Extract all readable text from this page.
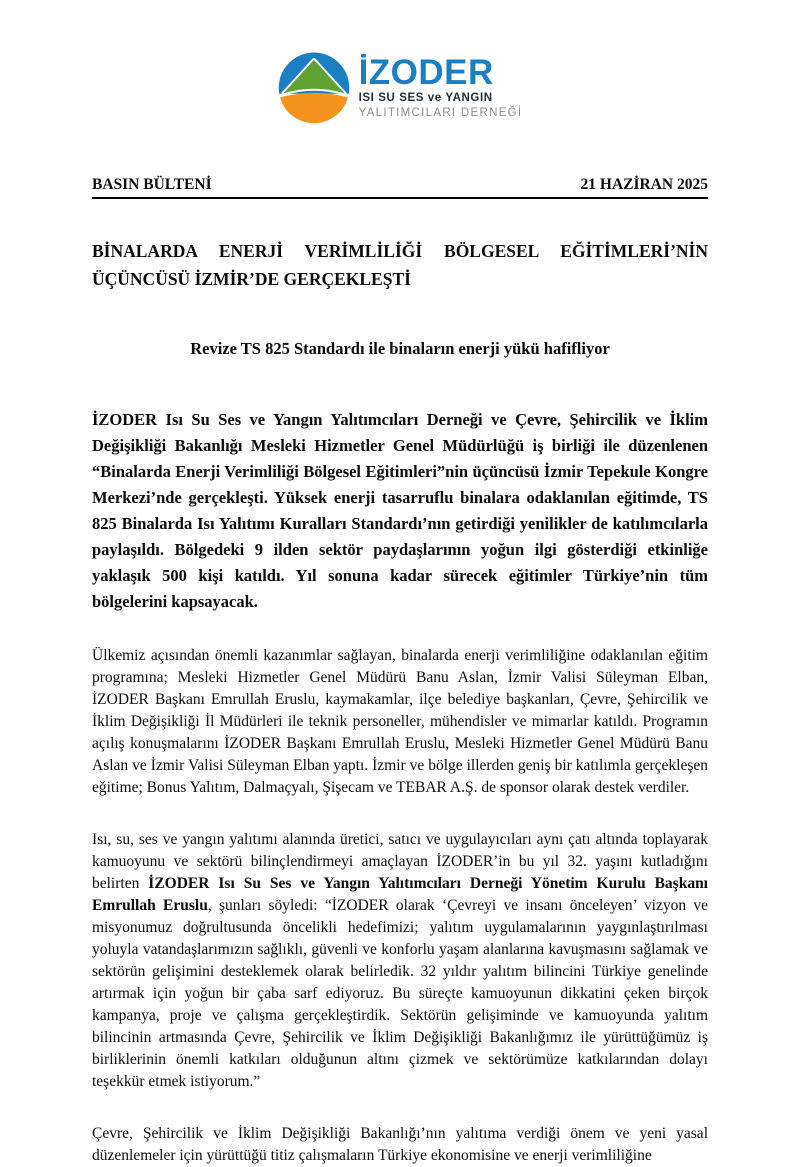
İZODER
ISI SU SES ve YANGIN
YALITIMCILARI DERNEĞİ
BASIN BÜLTENİ	21 HAZİRAN 2025
BİNALARDA ENERJİ VERİMLİLİĞİ BÖLGESEL EĞİTİMLERİ’NİN ÜÇÜNCÜSÜ İZMİR’DE GERÇEKLEŞTİ
Revize TS 825 Standardı ile binaların enerji yükü hafifliyor

İZODER Isı Su Ses ve Yangın Yalıtımcıları Derneği ve Çevre, Şehircilik ve İklim Değişikliği Bakanlığı Mesleki Hizmetler Genel Müdürlüğü iş birliği ile düzenlenen “Binalarda Enerji Verimliliği Bölgesel Eğitimleri”nin üçüncüsü İzmir Tepekule Kongre Merkezi’nde gerçekleşti. Yüksek enerji tasarruflu binalara odaklanılan eğitimde, TS 825 Binalarda Isı Yalıtımı Kuralları Standardı’nın getirdiği yenilikler de katılımcılarla paylaşıldı. Bölgedeki 9 ilden sektör paydaşlarının yoğun ilgi gösterdiği etkinliğe yaklaşık 500 kişi katıldı. Yıl sonuna kadar sürecek eğitimler Türkiye’nin tüm bölgelerini kapsayacak.

Ülkemiz açısından önemli kazanımlar sağlayan, binalarda enerji verimliliğine odaklanılan eğitim programına; Mesleki Hizmetler Genel Müdürü Banu Aslan, İzmir Valisi Süleyman Elban, İZODER Başkanı Emrullah Eruslu, kaymakamlar, ilçe belediye başkanları, Çevre, Şehircilik ve İklim Değişikliği İl Müdürleri ile teknik personeller, mühendisler ve mimarlar katıldı. Programın açılış konuşmalarını İZODER Başkanı Emrullah Eruslu, Mesleki Hizmetler Genel Müdürü Banu Aslan ve İzmir Valisi Süleyman Elban yaptı. İzmir ve bölge illerden geniş bir katılımla gerçekleşen eğitime; Bonus Yalıtım, Dalmaçyalı, Şişecam ve TEBAR A.Ş. de sponsor olarak destek verdiler.

Isı, su, ses ve yangın yalıtımı alanında üretici, satıcı ve uygulayıcıları aynı çatı altında toplayarak kamuoyunu ve sektörü bilinçlendirmeyi amaçlayan İZODER’in bu yıl 32. yaşını kutladığını belirten İZODER Isı Su Ses ve Yangın Yalıtımcıları Derneği Yönetim Kurulu Başkanı Emrullah Eruslu, şunları söyledi: “İZODER olarak ‘Çevreyi ve insanı önceleyen’ vizyon ve misyonumuz doğrultusunda öncelikli hedefimizi; yalıtım uygulamalarının yaygınlaştırılması yoluyla vatandaşlarımızın sağlıklı, güvenli ve konforlu yaşam alanlarına kavuşmasını sağlamak ve sektörün gelişimini desteklemek olarak belirledik. 32 yıldır yalıtım bilincini Türkiye genelinde artırmak için yoğun bir çaba sarf ediyoruz. Bu süreçte kamuoyunun dikkatini çeken birçok kampanya, proje ve çalışma gerçekleştirdik. Sektörün gelişiminde ve kamuoyunda yalıtım bilincinin artmasında Çevre, Şehircilik ve İklim Değişikliği Bakanlığımız ile yürüttüğümüz iş birliklerinin önemli katkıları olduğunun altını çizmek ve sektörümüze katkılarından dolayı teşekkür etmek istiyorum.”

Çevre, Şehircilik ve İklim Değişikliği Bakanlığı’nın yalıtıma verdiği önem ve yeni yasal düzenlemeler için yürüttüğü titiz çalışmaların Türkiye ekonomisine ve enerji verimliliğine
